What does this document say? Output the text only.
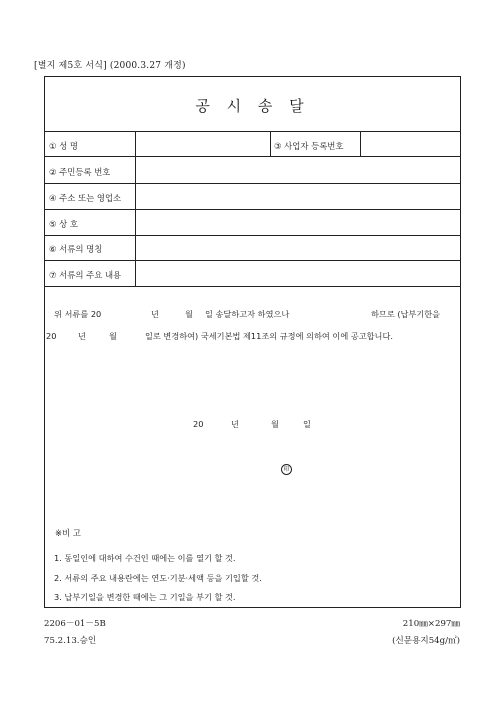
[별지 제5호 서식] (2000.3.27 개정)
공 시 송 달
① 성 명	③ 사업자 등록번호
② 주민등록 번호
④ 주소 또는 영업소
⑤ 상 호
⑥ 서류의 명칭
⑦ 서류의 주요 내용
위 서류를 20	년	월 일 송달하고자 하였으나	하므로 (납부기한을
20	년	월	일로 변경하여) 국세기본법 제11조의 규정에 의하여 이에 공고합니다.
20	년	월	일
印
※비 고
1. 동일인에 대하여 수건인 때에는 이를 열기 할 것.
2. 서류의 주요 내용란에는 연도·기분·세액 등을 기입할 것.
3. 납부기일을 변경한 때에는 그 기일을 부기 할 것.
2206－01－5B
75.2.13.승인
210㎜×297㎜
(신문용지54g/㎡)
